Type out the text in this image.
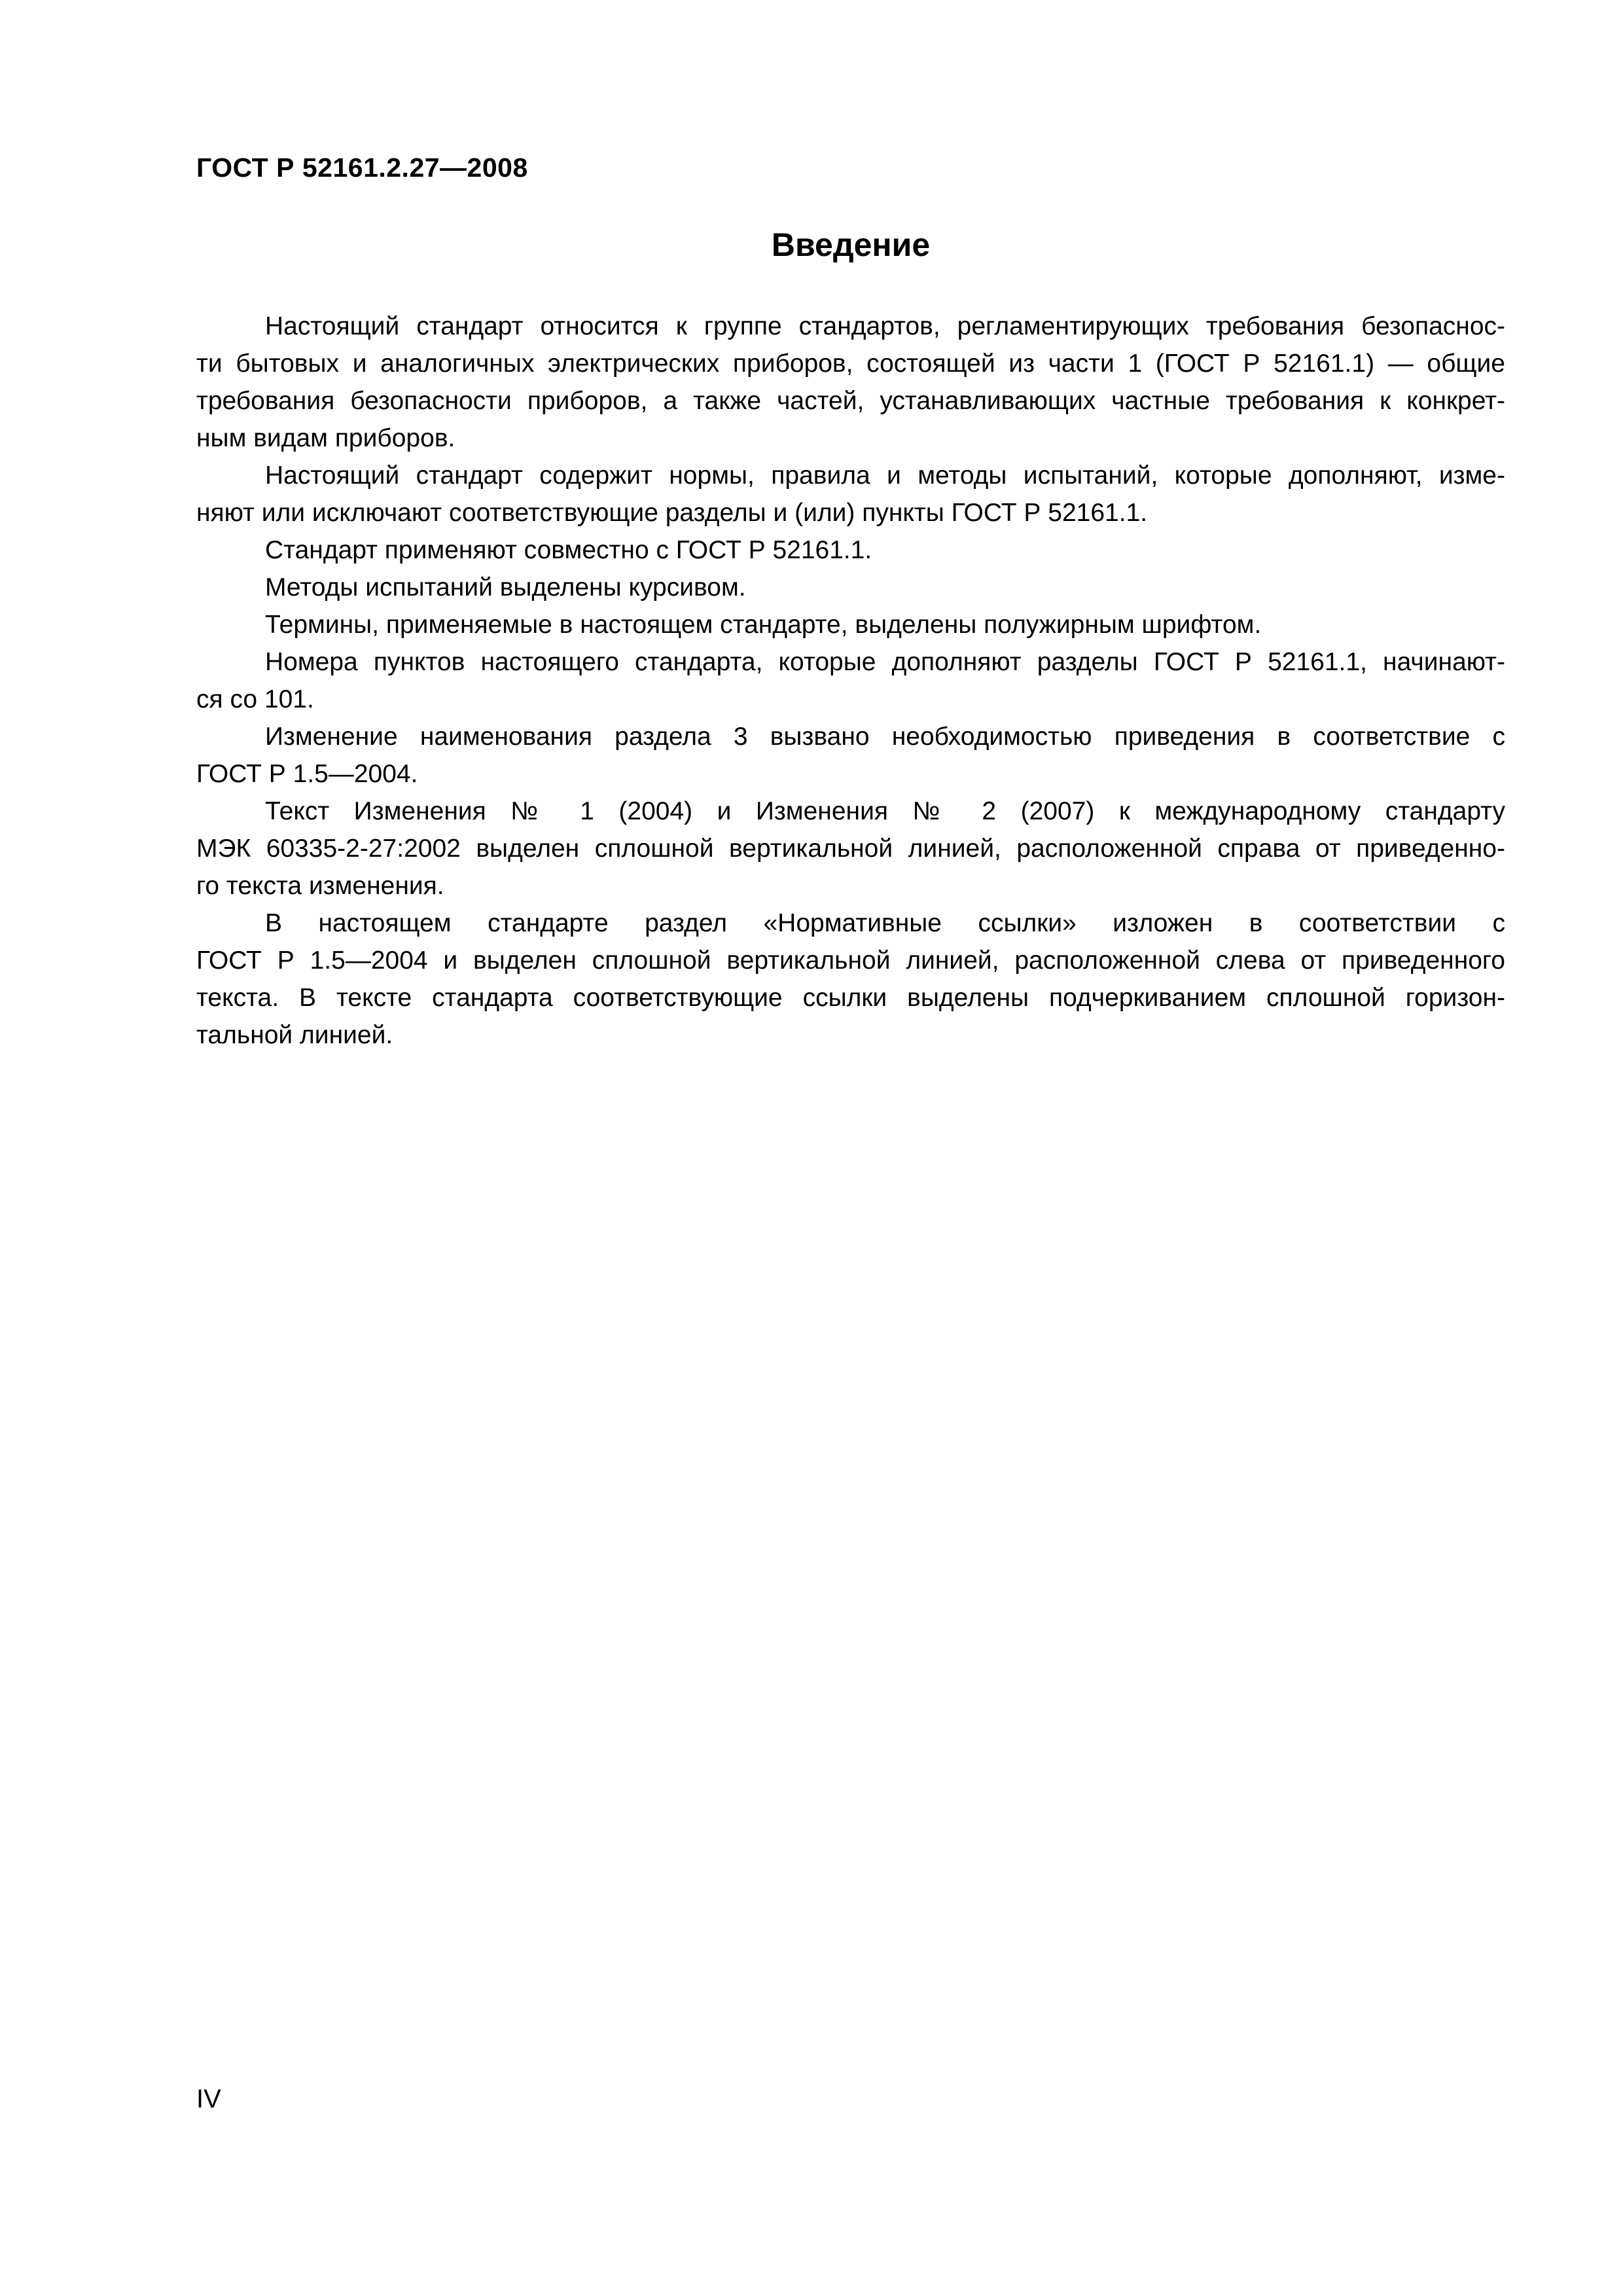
ГОСТ Р 52161.2.27—2008
Введение
Настоящий стандарт относится к группе стандартов, регламентирующих требования безопаснос-
ти бытовых и аналогичных электрических приборов, состоящей из части 1 (ГОСТ Р 52161.1) — общие
требования безопасности приборов, а также частей, устанавливающих частные требования к конкрет-
ным видам приборов.
Настоящий стандарт содержит нормы, правила и методы испытаний, которые дополняют, изме-
няют или исключают соответствующие разделы и (или) пункты ГОСТ Р 52161.1.
Стандарт применяют совместно с ГОСТ Р 52161.1.
Методы испытаний выделены курсивом.
Термины, применяемые в настоящем стандарте, выделены полужирным шрифтом.
Номера пунктов настоящего стандарта, которые дополняют разделы ГОСТ Р 52161.1, начинают-
ся со 101.
Изменение наименования раздела 3 вызвано необходимостью приведения в соответствие с
ГОСТ Р 1.5—2004.
Текст Изменения № 1 (2004) и Изменения № 2 (2007) к международному стандарту
МЭК 60335-2-27:2002 выделен сплошной вертикальной линией, расположенной справа от приведенно-
го текста изменения.
В настоящем стандарте раздел «Нормативные ссылки» изложен в соответствии с
ГОСТ Р 1.5—2004 и выделен сплошной вертикальной линией, расположенной слева от приведенного
текста. В тексте стандарта соответствующие ссылки выделены подчеркиванием сплошной горизон-
тальной линией.
IV
